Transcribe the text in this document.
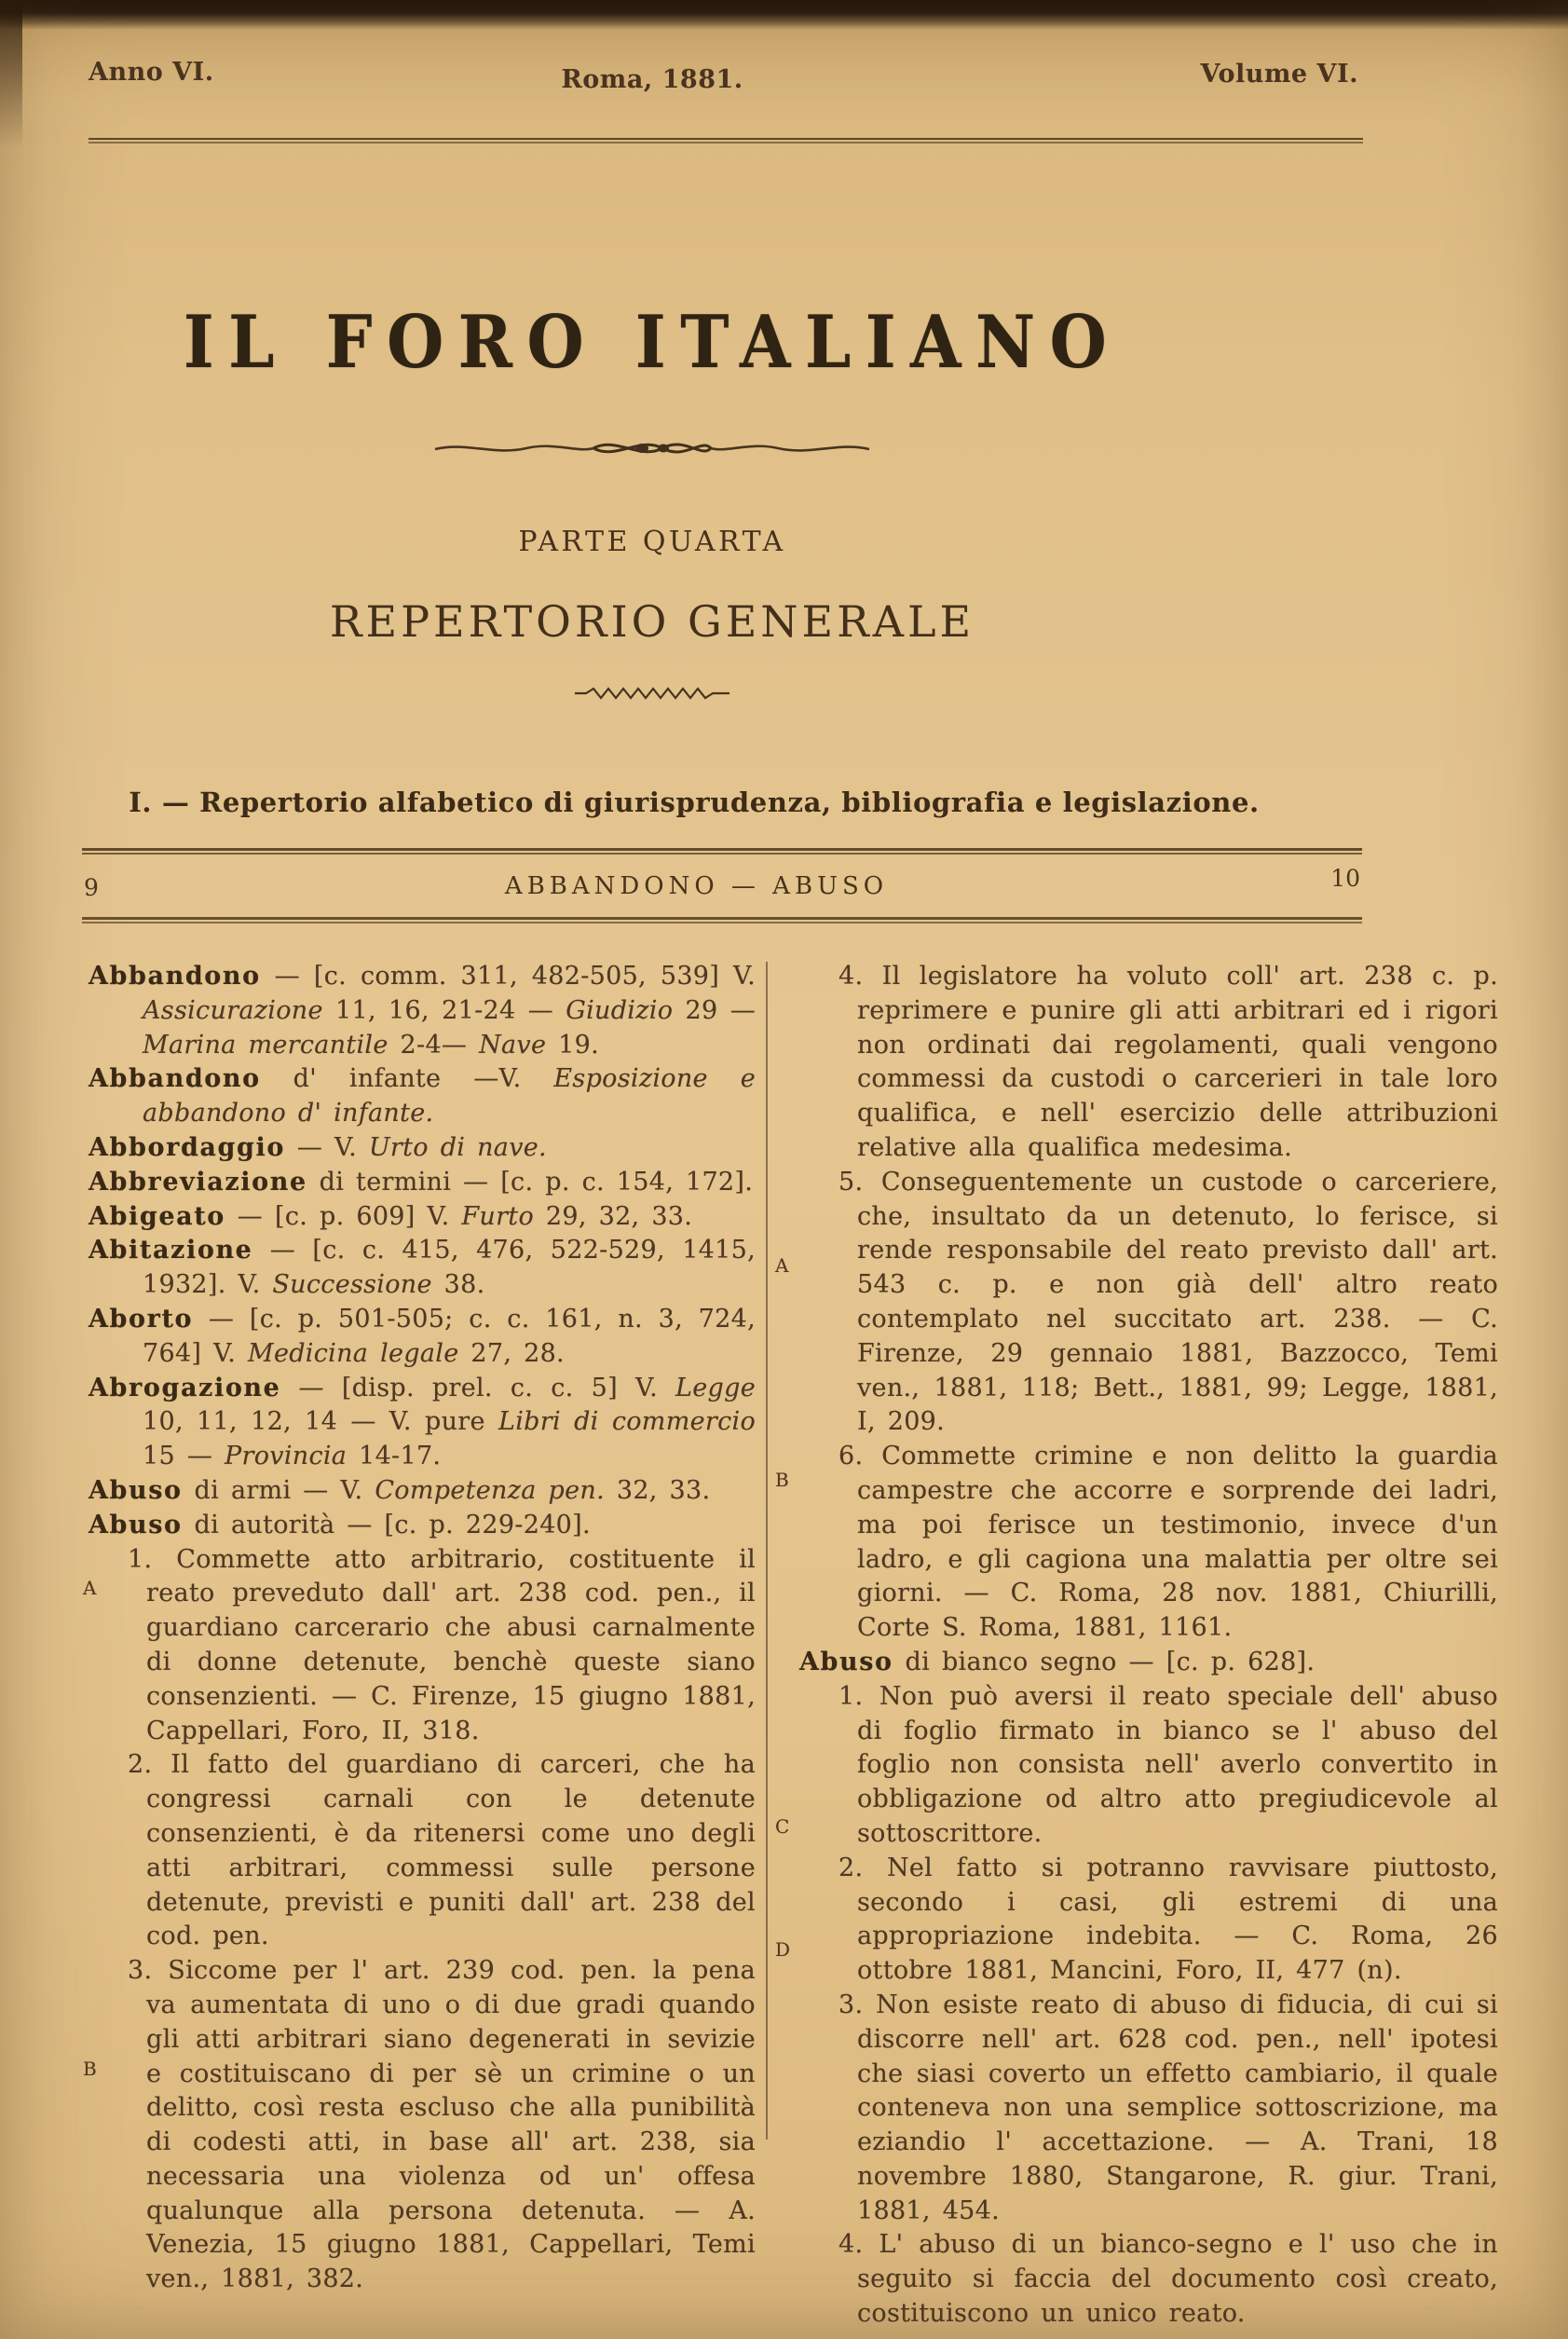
Anno VI.	Roma, 1881.	Volume VI.
IL FORO ITALIANO
PARTE QUARTA
REPERTORIO GENERALE
I. — Repertorio alfabetico di giurisprudenza, bibliografia e legislazione.
9	ABBANDONO — ABUSO	10

Abbandono — [c. comm. 311, 482-505, 539] V. Assicurazione 11, 16, 21-24 — Giudizio 29 — Marina mercantile 2-4— Nave 19.

Abbandono d' infante —V. Esposizione e abbandono d' infante.

Abbordaggio — V. Urto di nave.

Abbreviazione di termini — [c. p. c. 154, 172].

Abigeato — [c. p. 609] V. Furto 29, 32, 33.

Abitazione — [c. c. 415, 476, 522-529, 1415, 1932]. V. Successione 38.

Aborto — [c. p. 501-505; c. c. 161, n. 3, 724, 764] V. Medicina legale 27, 28.

Abrogazione — [disp. prel. c. c. 5] V. Legge 10, 11, 12, 14 — V. pure Libri di commercio 15 — Provincia 14-17.

Abuso di armi — V. Competenza pen. 32, 33.

Abuso di autorità — [c. p. 229-240].

1. Commette atto arbitrario, costituente il reato preveduto dall' art. 238 cod. pen., il guardiano carcerario che abusi carnalmente di donne detenute, benchè queste siano consenzienti. — C. Firenze, 15 giugno 1881, Cappellari, Foro, II, 318.

2. Il fatto del guardiano di carceri, che ha congressi carnali con le detenute consenzienti, è da ritenersi come uno degli atti arbitrari, commessi sulle persone detenute, previsti e puniti dall' art. 238 del cod. pen.

3. Siccome per l' art. 239 cod. pen. la pena va aumentata di uno o di due gradi quando gli atti arbitrari siano degenerati in sevizie e costituiscano di per sè un crimine o un delitto, così resta escluso che alla punibilità di codesti atti, in base all' art. 238, sia necessaria una violenza od un' offesa qualunque alla persona detenuta. — A. Venezia, 15 giugno 1881, Cappellari, Temi ven., 1881, 382.

A
B

4. Il legislatore ha voluto coll' art. 238 c. p. reprimere e punire gli atti arbitrari ed i rigori non ordinati dai regolamenti, quali vengono commessi da custodi o carcerieri in tale loro qualifica, e nell' esercizio delle attribuzioni relative alla qualifica medesima.

5. Conseguentemente un custode o carceriere, che, insultato da un detenuto, lo ferisce, si rende responsabile del reato previsto dall' art. 543 c. p. e non già dell' altro reato contemplato nel succitato art. 238. — C. Firenze, 29 gennaio 1881, Bazzocco, Temi ven., 1881, 118; Bett., 1881, 99; Legge, 1881, I, 209.

6. Commette crimine e non delitto la guardia campestre che accorre e sorprende dei ladri, ma poi ferisce un testimonio, invece d'un ladro, e gli cagiona una malattia per oltre sei giorni. — C. Roma, 28 nov. 1881, Chiurilli, Corte S. Roma, 1881, 1161.

Abuso di bianco segno — [c. p. 628].

1. Non può aversi il reato speciale dell' abuso di foglio firmato in bianco se l' abuso del foglio non consista nell' averlo convertito in obbligazione od altro atto pregiudicevole al sottoscrittore.

2. Nel fatto si potranno ravvisare piuttosto, secondo i casi, gli estremi di una appropriazione indebita. — C. Roma, 26 ottobre 1881, Mancini, Foro, II, 477 (n).

3. Non esiste reato di abuso di fiducia, di cui si discorre nell' art. 628 cod. pen., nell' ipotesi che siasi coverto un effetto cambiario, il quale conteneva non una semplice sottoscrizione, ma eziandio l' accettazione. — A. Trani, 18 novembre 1880, Stangarone, R. giur. Trani, 1881, 454.

4. L' abuso di un bianco-segno e l' uso che in seguito si faccia del documento così creato, costituiscono un unico reato.

A
B
C
D
